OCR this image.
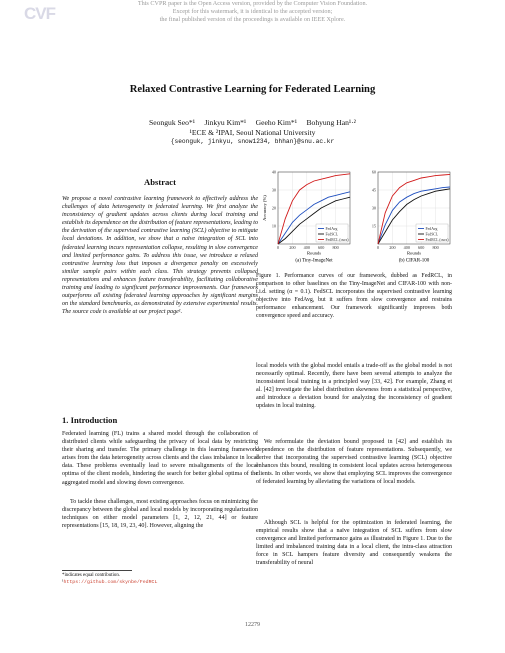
CVF
This CVPR paper is the Open Access version, provided by the Computer Vision Foundation.
Except for this watermark, it is identical to the accepted version;
the final published version of the proceedings is available on IEEE Xplore.
Relaxed Contrastive Learning for Federated Learning
Seonguk Seo*¹     Jinkyu Kim*¹     Geeho Kim*¹     Bohyung Han¹·²
¹ECE & ²IPAI, Seoul National University
{seonguk, jinkyu, snow1234, bhhan}@snu.ac.kr
Abstract
We propose a novel contrastive learning framework to effectively address the challenges of data heterogeneity in federated learning. We first analyze the inconsistency of gradient updates across clients during local training and establish its dependence on the distribution of feature representations, leading to the derivation of the supervised contrastive learning (SCL) objective to mitigate local deviations. In addition, we show that a naïve integration of SCL into federated learning incurs representation collapse, resulting in slow convergence and limited performance gains. To address this issue, we introduce a relaxed contrastive learning loss that imposes a divergence penalty on excessively similar sample pairs within each class. This strategy prevents collapsed representations and enhances feature transferability, facilitating collaborative training and leading to significant performance improvements. Our framework outperforms all existing federated learning approaches by significant margins on the standard benchmarks, as demonstrated by extensive experimental results. The source code is available at our project page¹.
1. Introduction
Federated learning (FL) trains a shared model through the collaboration of distributed clients while safeguarding the privacy of local data by restricting their sharing and transfer. The primary challenge in this learning framework arises from the data heterogeneity across clients and the class imbalance in local data. These problems eventually lead to severe misalignments of the local optima of the client models, hindering the search for better global optima of the aggregated model and slowing down convergence.
To tackle these challenges, most existing approaches focus on minimizing the discrepancy between the global and local models by incorporating regularization techniques on either model parameters [1, 2, 12, 21, 44] or feature representations [15, 18, 19, 23, 40]. However, aligning the
*indicates equal contribution.
¹https://github.com/skynbe/FedRCL
10
20
30
40
0 200 400 600 800
FedAvg
FedSCL
FedRCL (ours)
Rounds
Accuracy (%)
(a) Tiny-ImageNet
15
30
45
60
0 200 400 600 800
FedAvg
FedSCL
FedRCL (ours)
Rounds
(b) CIFAR-100
Figure 1. Performance curves of our framework, dubbed as FedRCL, in comparison to other baselines on the Tiny-ImageNet and CIFAR-100 with non-i.i.d. setting (α = 0.1). FedSCL incorporates the supervised contrastive learning objective into FedAvg, but it suffers from slow convergence and restrains performance enhancement. Our framework significantly improves both convergence speed and accuracy.
local models with the global model entails a trade-off as the global model is not necessarily optimal. Recently, there have been several attempts to analyze the inconsistent local training in a principled way [33, 42]. For example, Zhang et al. [42] investigate the label distribution skewness from a statistical perspective, and introduce a deviation bound for analyzing the inconsistency of gradient updates in local training.
We reformulate the deviation bound proposed in [42] and establish its dependence on the distribution of feature representations. Subsequently, we derive that incorporating the supervised contrastive learning (SCL) objective enhances this bound, resulting in consistent local updates across heterogeneous clients. In other words, we show that employing SCL improves the convergence of federated learning by alleviating the variations of local models.
Although SCL is helpful for the optimization in federated learning, the empirical results show that a naïve integration of SCL suffers from slow convergence and limited performance gains as illustrated in Figure 1. Due to the limited and imbalanced training data in a local client, the intra-class attraction force in SCL hampers feature diversity and consequently weakens the transferability of neural
12279
